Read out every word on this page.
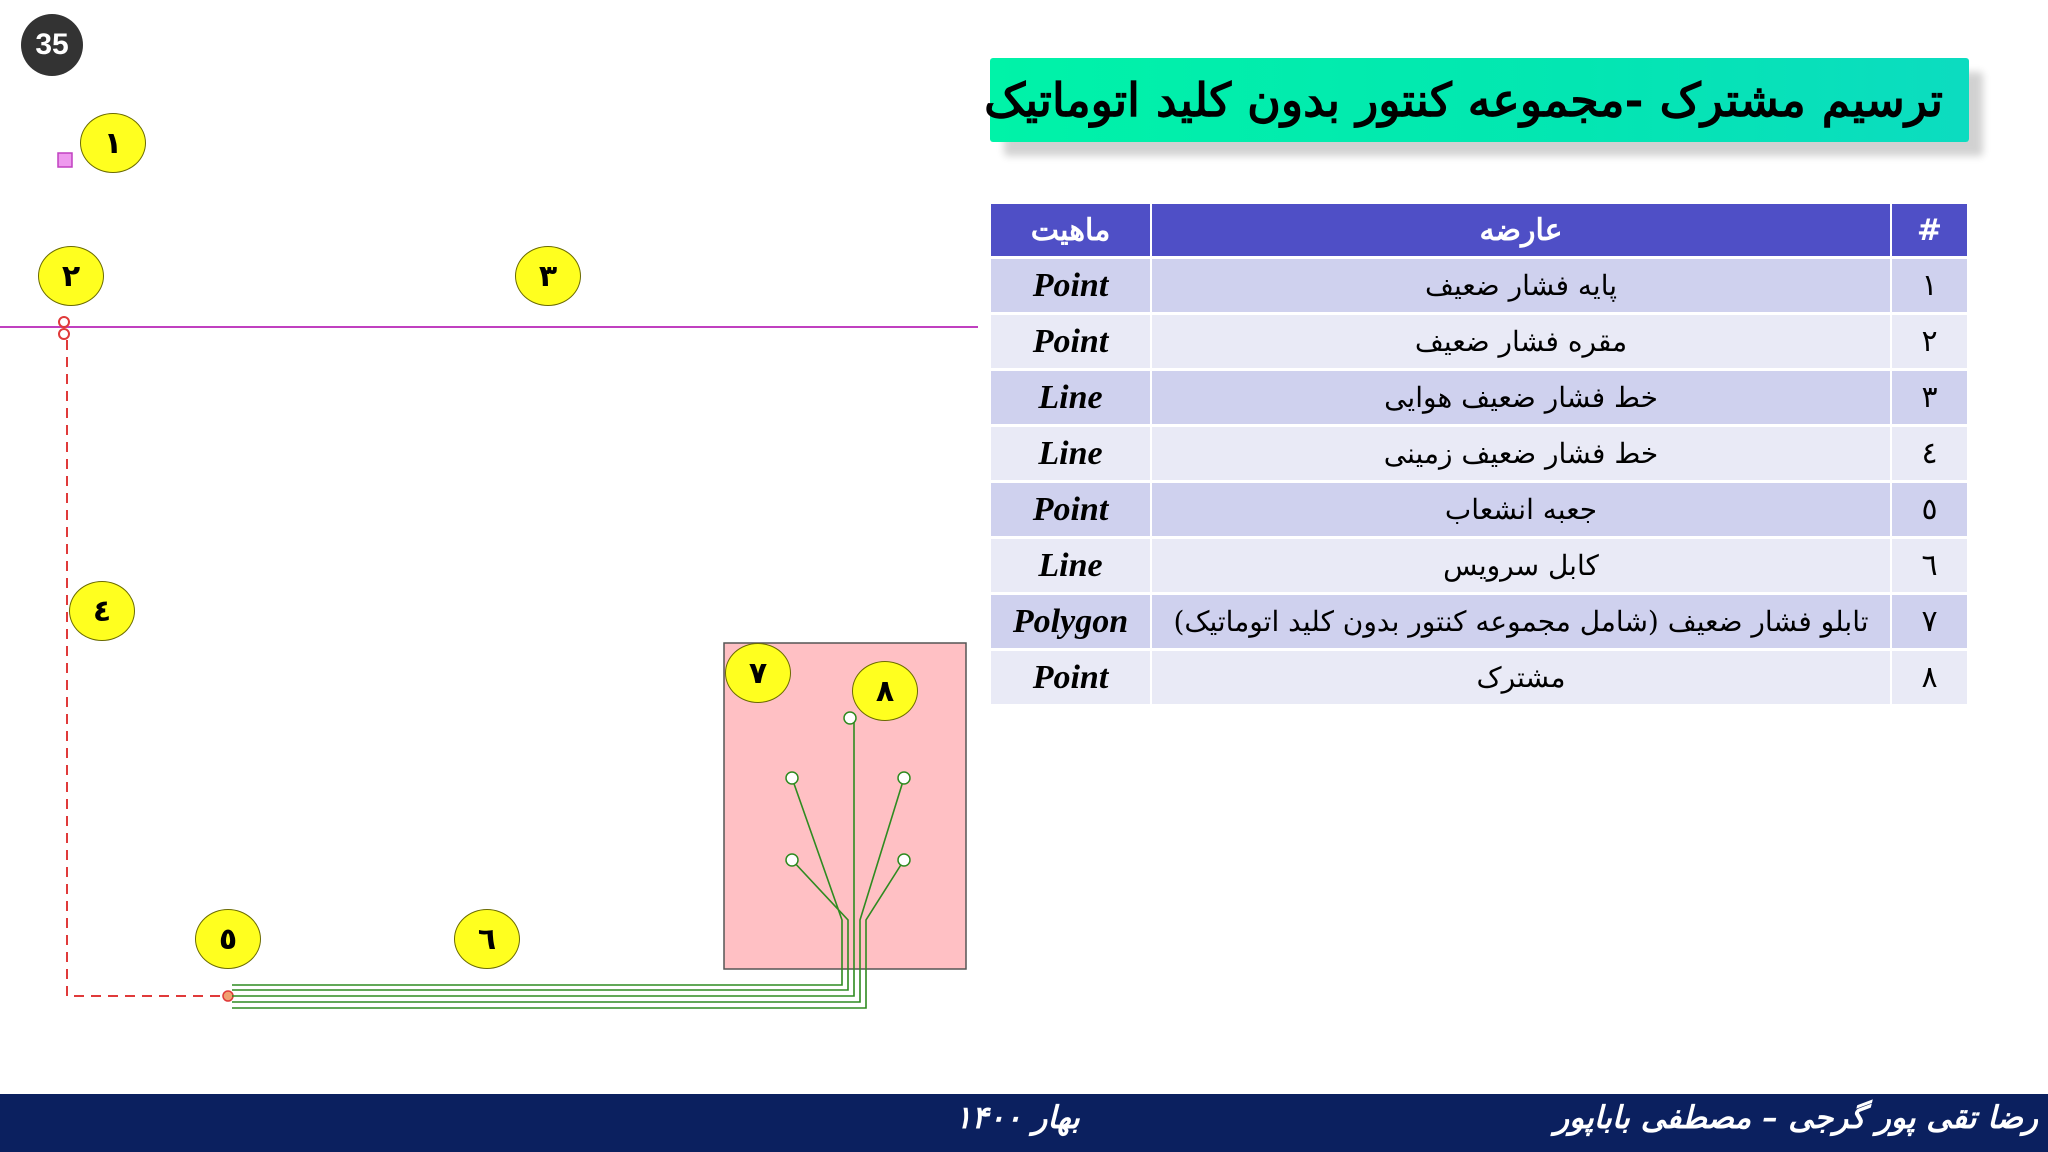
35
ترسیم مشترک -مجموعه کنتور بدون کلید اتوماتیک
١
٢	٣
٤
٥	٦
٧
٨
ماهیت	عارضه	#
Point	پایه فشار ضعیف	١
Point	مقره فشار ضعیف	٢
Line	خط فشار ضعیف هوایی	٣
Line	خط فشار ضعیف زمینی	٤
Point	جعبه انشعاب	٥
Line	کابل سرویس	٦
Polygon	تابلو فشار ضعیف (شامل مجموعه کنتور بدون کلید اتوماتیک)	٧
Point	مشترک	٨
رضا تقی پور گرجی – مصطفی باباپور
بهار ۱۴۰۰
